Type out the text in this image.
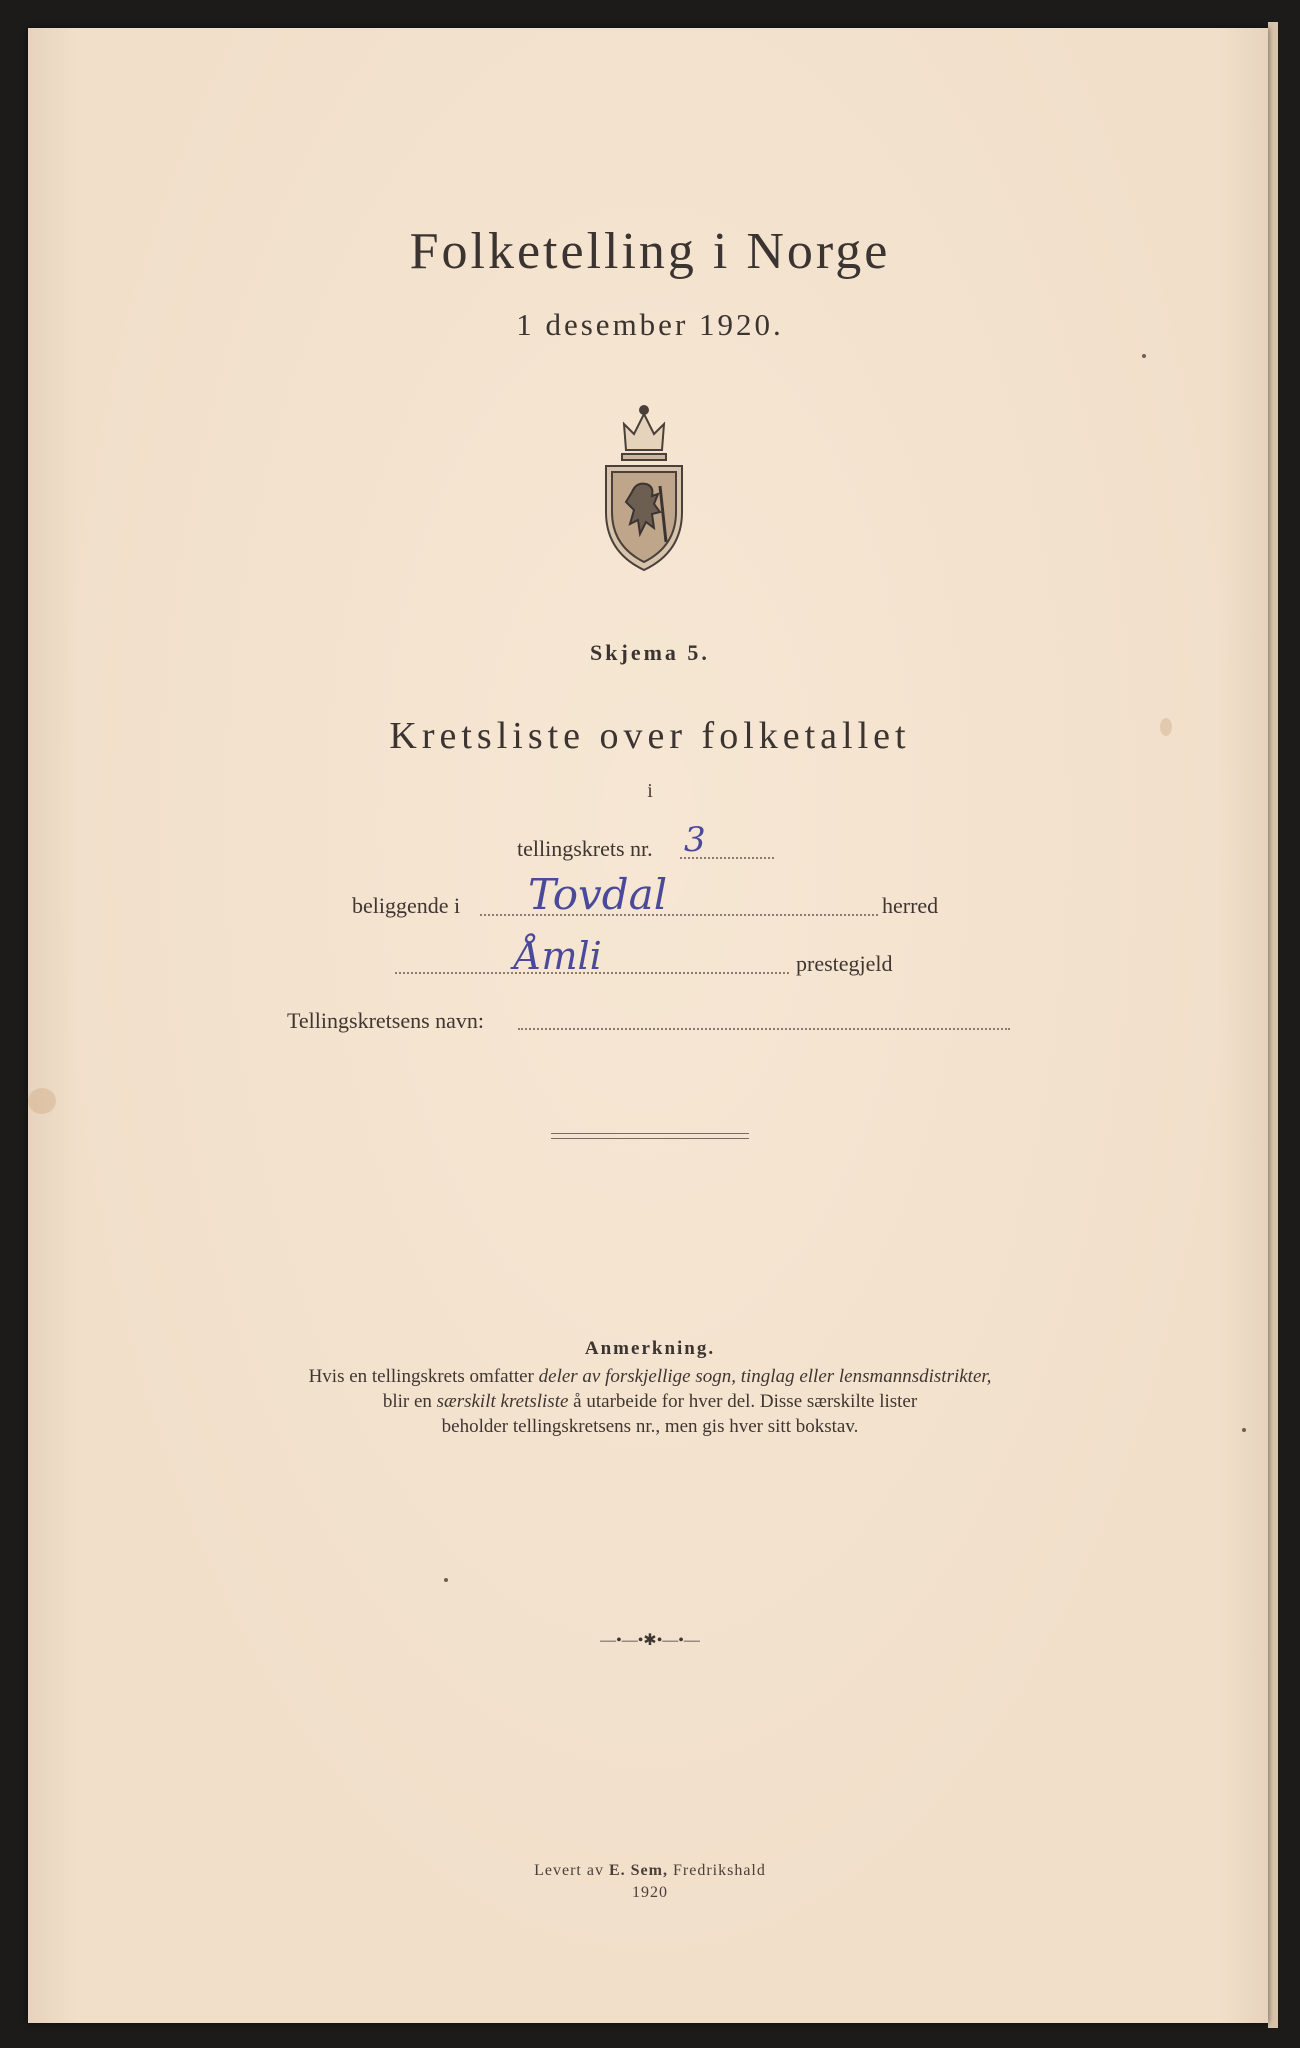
Folketelling i Norge
1 desember 1920.
Skjema 5.
Kretsliste over folketallet
i
tellingskrets nr. 3
beliggende i Tovdal	herred
Åmli	prestegjeld
Tellingskretsens navn:
Anmerkning.
Hvis en tellingskrets omfatter deler av forskjellige sogn, tinglag eller lensmannsdistrikter,
blir en særskilt kretsliste å utarbeide for hver del. Disse særskilte lister
beholder tellingskretsens nr., men gis hver sitt bokstav.
—•—•✱•—•—
Levert av E. Sem, Fredrikshald
1920
